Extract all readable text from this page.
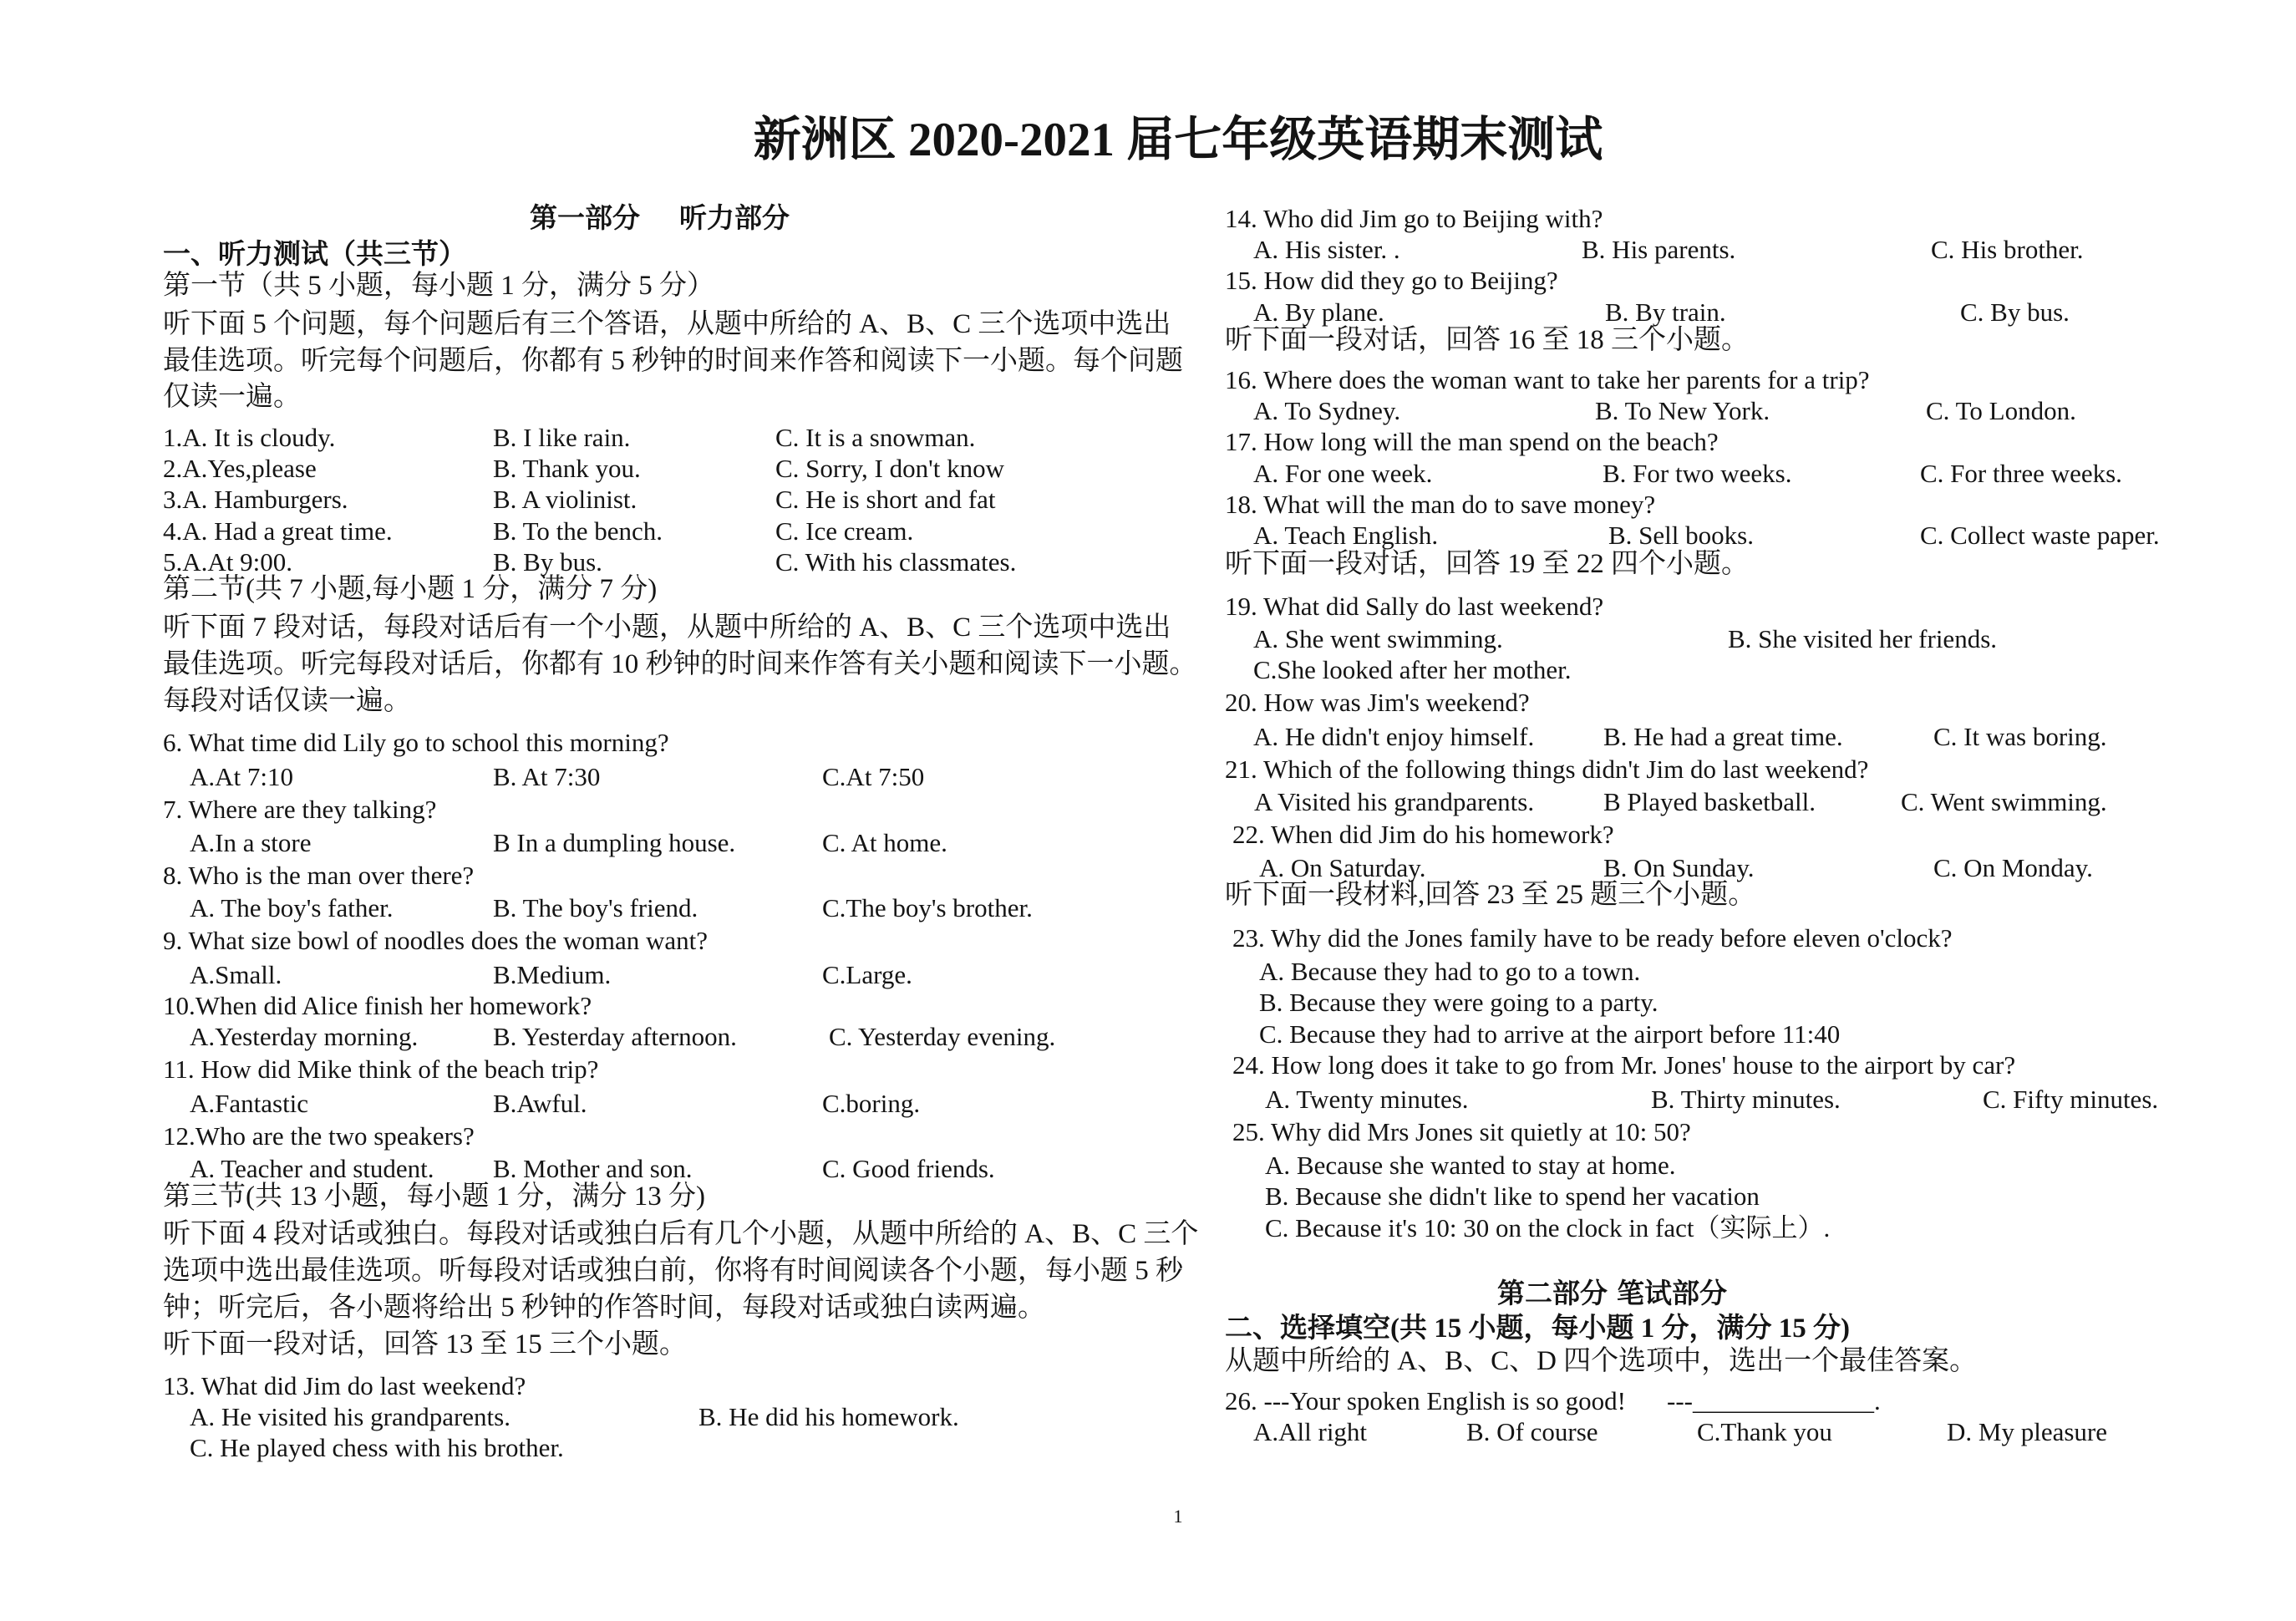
新洲区 2020-2021 届七年级英语期末测试
第一部分 听力部分
一、听力测试（共三节）
第一节（共 5 小题，每小题 1 分，满分 5 分）
听下面 5 个问题，每个问题后有三个答语，从题中所给的 A、B、C 三个选项中选出
最佳选项。听完每个问题后，你都有 5 秒钟的时间来作答和阅读下一小题。每个问题
仅读一遍。
1.A. It is cloudy.	B. I like rain.	C. It is a snowman.
2.A.Yes,please	B. Thank you.	C. Sorry, I don't know
3.A. Hamburgers.	B. A violinist.	C. He is short and fat
4.A. Had a great time.	B. To the bench.	C. Ice cream.
5.A.At 9:00.	B. By bus.	C. With his classmates.
第二节(共 7 小题,每小题 1 分，满分 7 分)
听下面 7 段对话，每段对话后有一个小题，从题中所给的 A、B、C 三个选项中选出
最佳选项。听完每段对话后，你都有 10 秒钟的时间来作答有关小题和阅读下一小题。
每段对话仅读一遍。
6. What time did Lily go to school this morning?
A.At 7:10	B. At 7:30	C.At 7:50
7. Where are they talking?
A.In a store	B In a dumpling house.	C. At home.
8. Who is the man over there?
A. The boy's father.	B. The boy's friend.	C.The boy's brother.
9. What size bowl of noodles does the woman want?
A.Small.	B.Medium.	C.Large.
10.When did Alice finish her homework?
A.Yesterday morning.	B. Yesterday afternoon.	C. Yesterday evening.
11. How did Mike think of the beach trip?
A.Fantastic	B.Awful.	C.boring.
12.Who are the two speakers?
A. Teacher and student. B. Mother and son.	C. Good friends.
第三节(共 13 小题，每小题 1 分，满分 13 分)
听下面 4 段对话或独白。每段对话或独白后有几个小题，从题中所给的 A、B、C 三个
选项中选出最佳选项。听每段对话或独白前，你将有时间阅读各个小题，每小题 5 秒
钟；听完后，各小题将给出 5 秒钟的作答时间，每段对话或独白读两遍。
听下面一段对话，回答 13 至 15 三个小题。
13. What did Jim do last weekend?
A. He visited his grandparents.	B. He did his homework.
C. He played chess with his brother.
14. Who did Jim go to Beijing with?
A. His sister. .	B. His parents.	C. His brother.
15. How did they go to Beijing?
A. By plane.	B. By train.	C. By bus.
听下面一段对话，回答 16 至 18 三个小题。
16. Where does the woman want to take her parents for a trip?
A. To Sydney.	B. To New York.	C. To London.
17. How long will the man spend on the beach?
A. For one week.	B. For two weeks.	C. For three weeks.
18. What will the man do to save money?
A. Teach English.	B. Sell books.	C. Collect waste paper.
听下面一段对话，回答 19 至 22 四个小题。
19. What did Sally do last weekend?
A. She went swimming.	B. She visited her friends.
C.She looked after her mother.
20. How was Jim's weekend?
A. He didn't enjoy himself.	B. He had a great time.	C. It was boring.
21. Which of the following things didn't Jim do last weekend?
A Visited his grandparents.	B Played basketball.	C. Went swimming.
22. When did Jim do his homework?
A. On Saturday.	B. On Sunday.	C. On Monday.
听下面一段材料,回答 23 至 25 题三个小题。
23. Why did the Jones family have to be ready before eleven o'clock?
A. Because they had to go to a town.
B. Because they were going to a party.
C. Because they had to arrive at the airport before 11:40
24. How long does it take to go from Mr. Jones' house to the airport by car?
A. Twenty minutes.	B. Thirty minutes.	C. Fifty minutes.
25. Why did Mrs Jones sit quietly at 10: 50?
A. Because she wanted to stay at home.
B. Because she didn't like to spend her vacation
C. Because it's 10: 30 on the clock in fact（实际上）.
第二部分 笔试部分
二、选择填空(共 15 小题，每小题 1 分，满分 15 分)
从题中所给的 A、B、C、D 四个选项中，选出一个最佳答案。
26. ---Your spoken English is so good! ---______________.
A.All right	B. Of course	C.Thank you	D. My pleasure
1
